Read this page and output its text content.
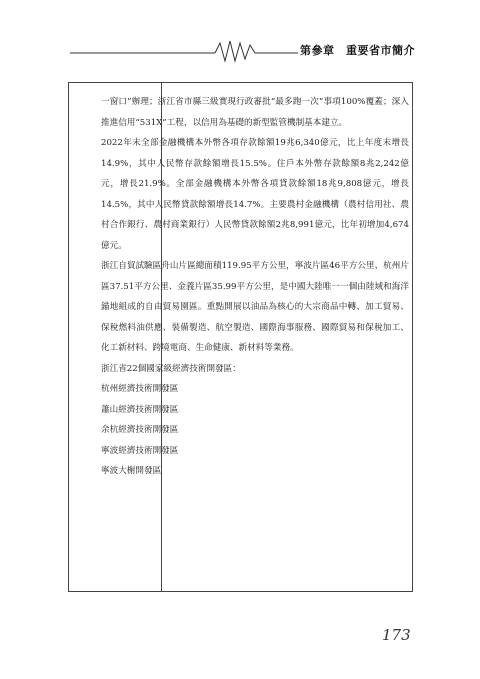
第參章　重要省市簡介

一窗口”辦理；浙江省市縣三級實現行政審批“最多跑一次”事項100%覆蓋；深入推進信用“531X”工程，以信用為基礎的新型監管機制基本建立。

2022年末全部金融機構本外幣各項存款餘額19兆6,340億元，比上年度末增長14.9%，其中人民幣存款餘額增長15.5%。住戶本外幣存款餘額8兆2,242億元，增長21.9%。全部金融機構本外幣各項貸款餘額18兆9,808億元，增長14.5%，其中人民幣貸款餘額增長14.7%。主要農村金融機構（農村信用社、農村合作銀行、農村商業銀行）人民幣貸款餘額2兆8,991億元，比年初增加4,674億元。

浙江自貿試驗區舟山片區總面積119.95平方公里，寧波片區46平方公里、杭州片區37.51平方公里、金義片區35.99平方公里，是中國大陸唯一一個由陸域和海洋錨地組成的自由貿易園區。重點開展以油品為核心的大宗商品中轉、加工貿易、保稅燃料油供應、裝備製造、航空製造、國際海事服務、國際貿易和保稅加工、化工新材料、跨境電商、生命健康、新材料等業務。

浙江省22個國家級經濟技術開發區：

杭州經濟技術開發區

蕭山經濟技術開發區

余杭經濟技術開發區

寧波經濟技術開發區

寧波大榭開發區

173
